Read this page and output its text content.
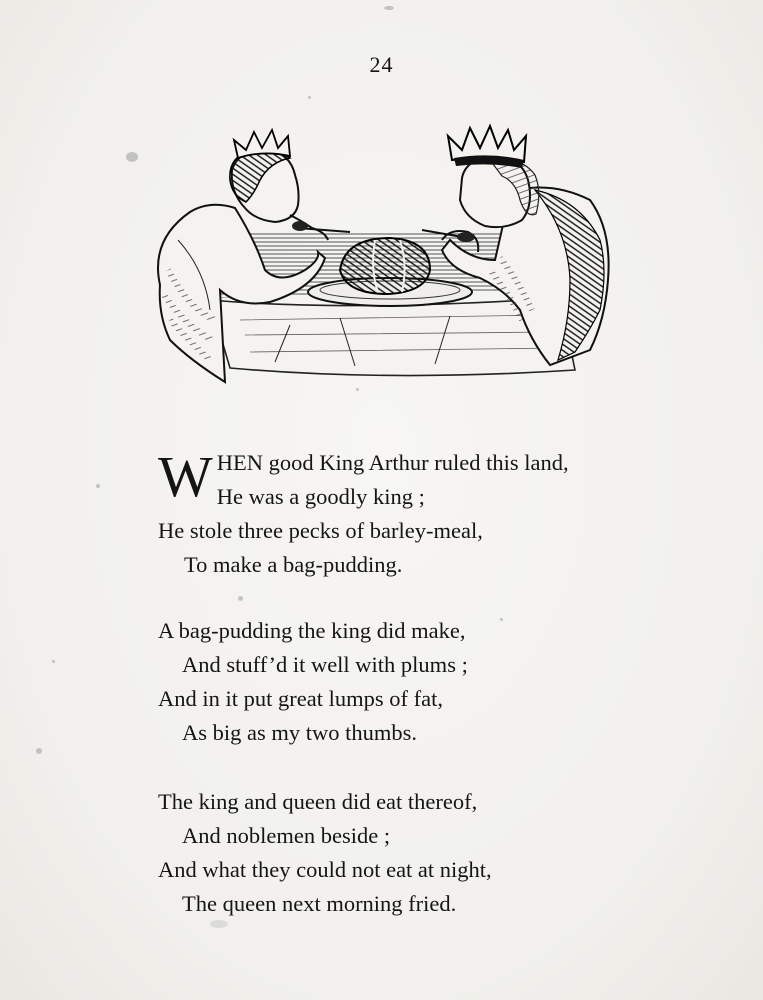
24
W HEN good King Arthur ruled this land,
He was a goodly king ;
He stole three pecks of barley-meal,
To make a bag-pudding.
A bag-pudding the king did make,
And stuff’d it well with plums ;
And in it put great lumps of fat,
As big as my two thumbs.
The king and queen did eat thereof,
And noblemen beside ;
And what they could not eat at night,
The queen next morning fried.
